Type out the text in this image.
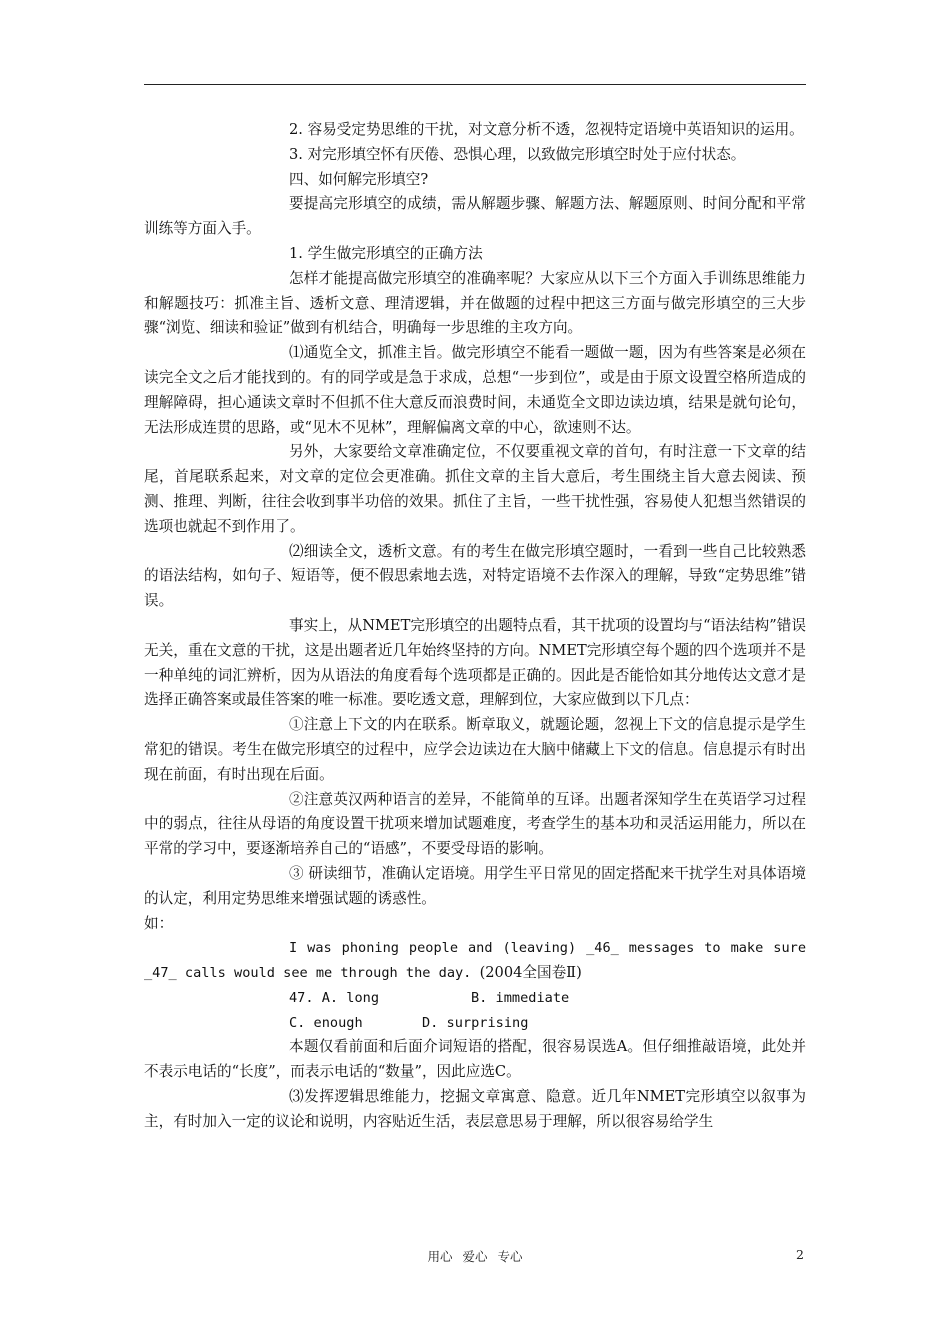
2. 容易受定势思维的干扰，对文意分析不透，忽视特定语境中英语知识的运用。

3. 对完形填空怀有厌倦、恐惧心理，以致做完形填空时处于应付状态。

四、如何解完形填空?

要提高完形填空的成绩，需从解题步骤、解题方法、解题原则、时间分配和平常训练等方面入手。

1. 学生做完形填空的正确方法

怎样才能提高做完形填空的准确率呢？大家应从以下三个方面入手训练思维能力和解题技巧：抓准主旨、透析文意、理清逻辑，并在做题的过程中把这三方面与做完形填空的三大步骤“浏览、细读和验证”做到有机结合，明确每一步思维的主攻方向。

⑴通览全文，抓准主旨。做完形填空不能看一题做一题，因为有些答案是必须在读完全文之后才能找到的。有的同学或是急于求成，总想“一步到位”，或是由于原文设置空格所造成的理解障碍，担心通读文章时不但抓不住大意反而浪费时间，未通览全文即边读边填，结果是就句论句，无法形成连贯的思路，或“见木不见林”，理解偏离文章的中心，欲速则不达。

另外，大家要给文章准确定位，不仅要重视文章的首句，有时注意一下文章的结尾，首尾联系起来，对文章的定位会更准确。抓住文章的主旨大意后，考生围绕主旨大意去阅读、预测、推理、判断，往往会收到事半功倍的效果。抓住了主旨，一些干扰性强，容易使人犯想当然错误的选项也就起不到作用了。

⑵细读全文，透析文意。有的考生在做完形填空题时，一看到一些自己比较熟悉的语法结构，如句子、短语等，便不假思索地去选，对特定语境不去作深入的理解，导致“定势思维”错误。

事实上，从NMET完形填空的出题特点看，其干扰项的设置均与“语法结构”错误无关，重在文意的干扰，这是出题者近几年始终坚持的方向。NMET完形填空每个题的四个选项并不是一种单纯的词汇辨析，因为从语法的角度看每个选项都是正确的。因此是否能恰如其分地传达文意才是选择正确答案或最佳答案的唯一标准。要吃透文意，理解到位，大家应做到以下几点：

①注意上下文的内在联系。断章取义，就题论题，忽视上下文的信息提示是学生常犯的错误。考生在做完形填空的过程中，应学会边读边在大脑中储藏上下文的信息。信息提示有时出现在前面，有时出现在后面。

②注意英汉两种语言的差异，不能简单的互译。出题者深知学生在英语学习过程中的弱点，往往从母语的角度设置干扰项来增加试题难度，考查学生的基本功和灵活运用能力，所以在平常的学习中，要逐渐培养自己的“语感”，不要受母语的影响。

③ 研读细节，准确认定语境。用学生平日常见的固定搭配来干扰学生对具体语境的认定，利用定势思维来增强试题的诱惑性。

如：

I was phoning people and (leaving) _46_ messages to make sure _47_ calls would see me through the day. (2004全国卷Ⅱ)

47. A. long	B. immediate

C. enough	D. surprising

本题仅看前面和后面介词短语的搭配，很容易误选A。但仔细推敲语境，此处并不表示电话的“长度”，而表示电话的“数量”，因此应选C。

⑶发挥逻辑思维能力，挖掘文章寓意、隐意。近几年NMET完形填空以叙事为主，有时加入一定的议论和说明，内容贴近生活，表层意思易于理解，所以很容易给学生

用心 爱心 专心	2
